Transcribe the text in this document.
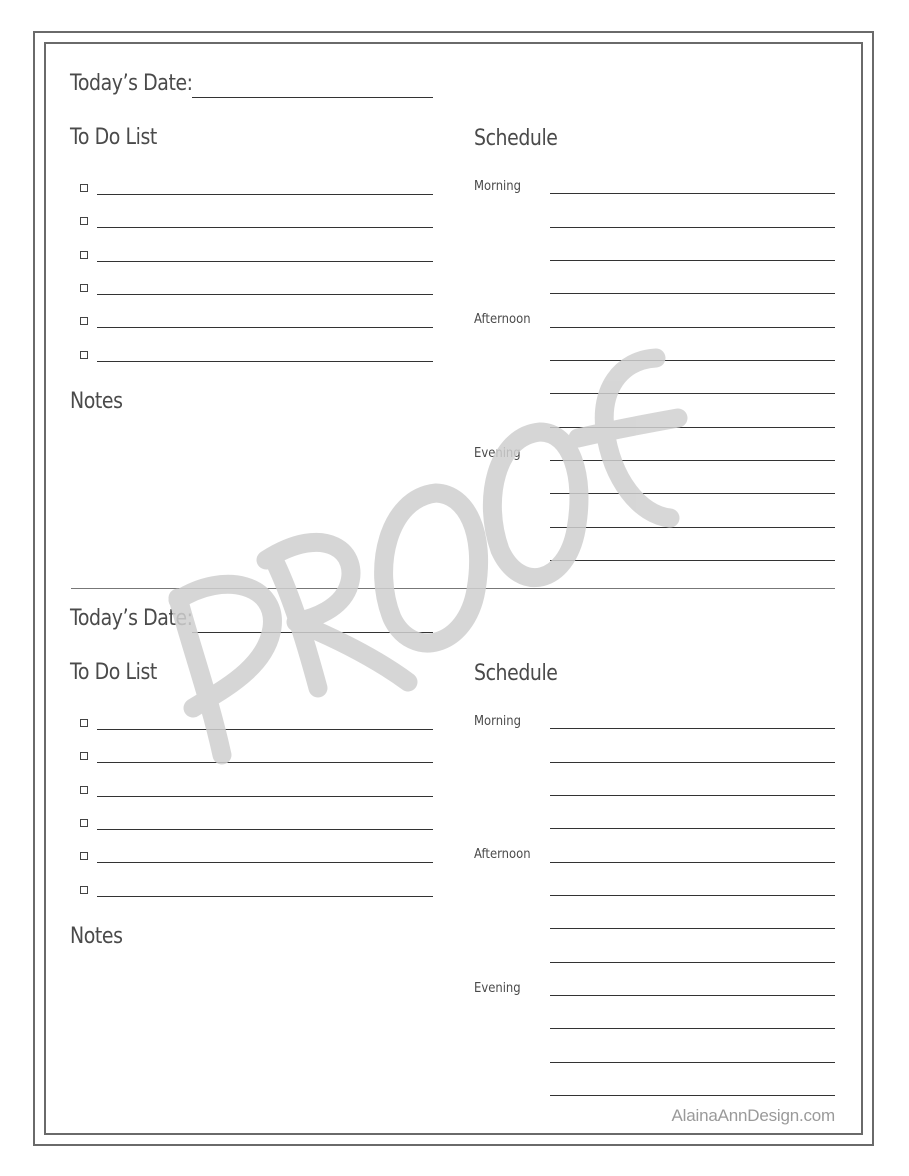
Today’s Date:
To Do List	Schedule
Notes
Morning
Afternoon
Evening
Today’s Date:
To Do List	Schedule
Notes
Morning
Afternoon
Evening
AlainaAnnDesign.com
